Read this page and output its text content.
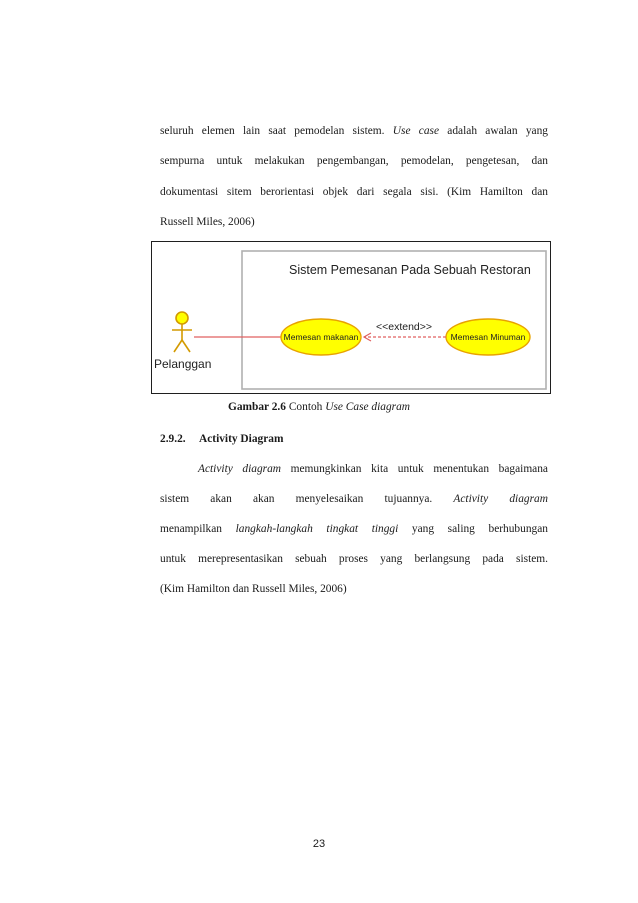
seluruh elemen lain saat pemodelan sistem. Use case adalah awalan yang
sempurna untuk melakukan pengembangan, pemodelan, pengetesan, dan
dokumentasi sitem berorientasi objek dari segala sisi. (Kim Hamilton dan
Russell Miles, 2006)
Sistem Pemesanan Pada Sebuah Restoran
Pelanggan
Memesan makanan	Memesan Minuman
<<extend>>
Gambar 2.6 Contoh Use Case diagram
2.9.2. Activity Diagram
Activity diagram memungkinkan kita untuk menentukan bagaimana
sistem akan akan menyelesaikan tujuannya. Activity diagram
menampilkan langkah-langkah tingkat tinggi yang saling berhubungan
untuk merepresentasikan sebuah proses yang berlangsung pada sistem.
(Kim Hamilton dan Russell Miles, 2006)
23
